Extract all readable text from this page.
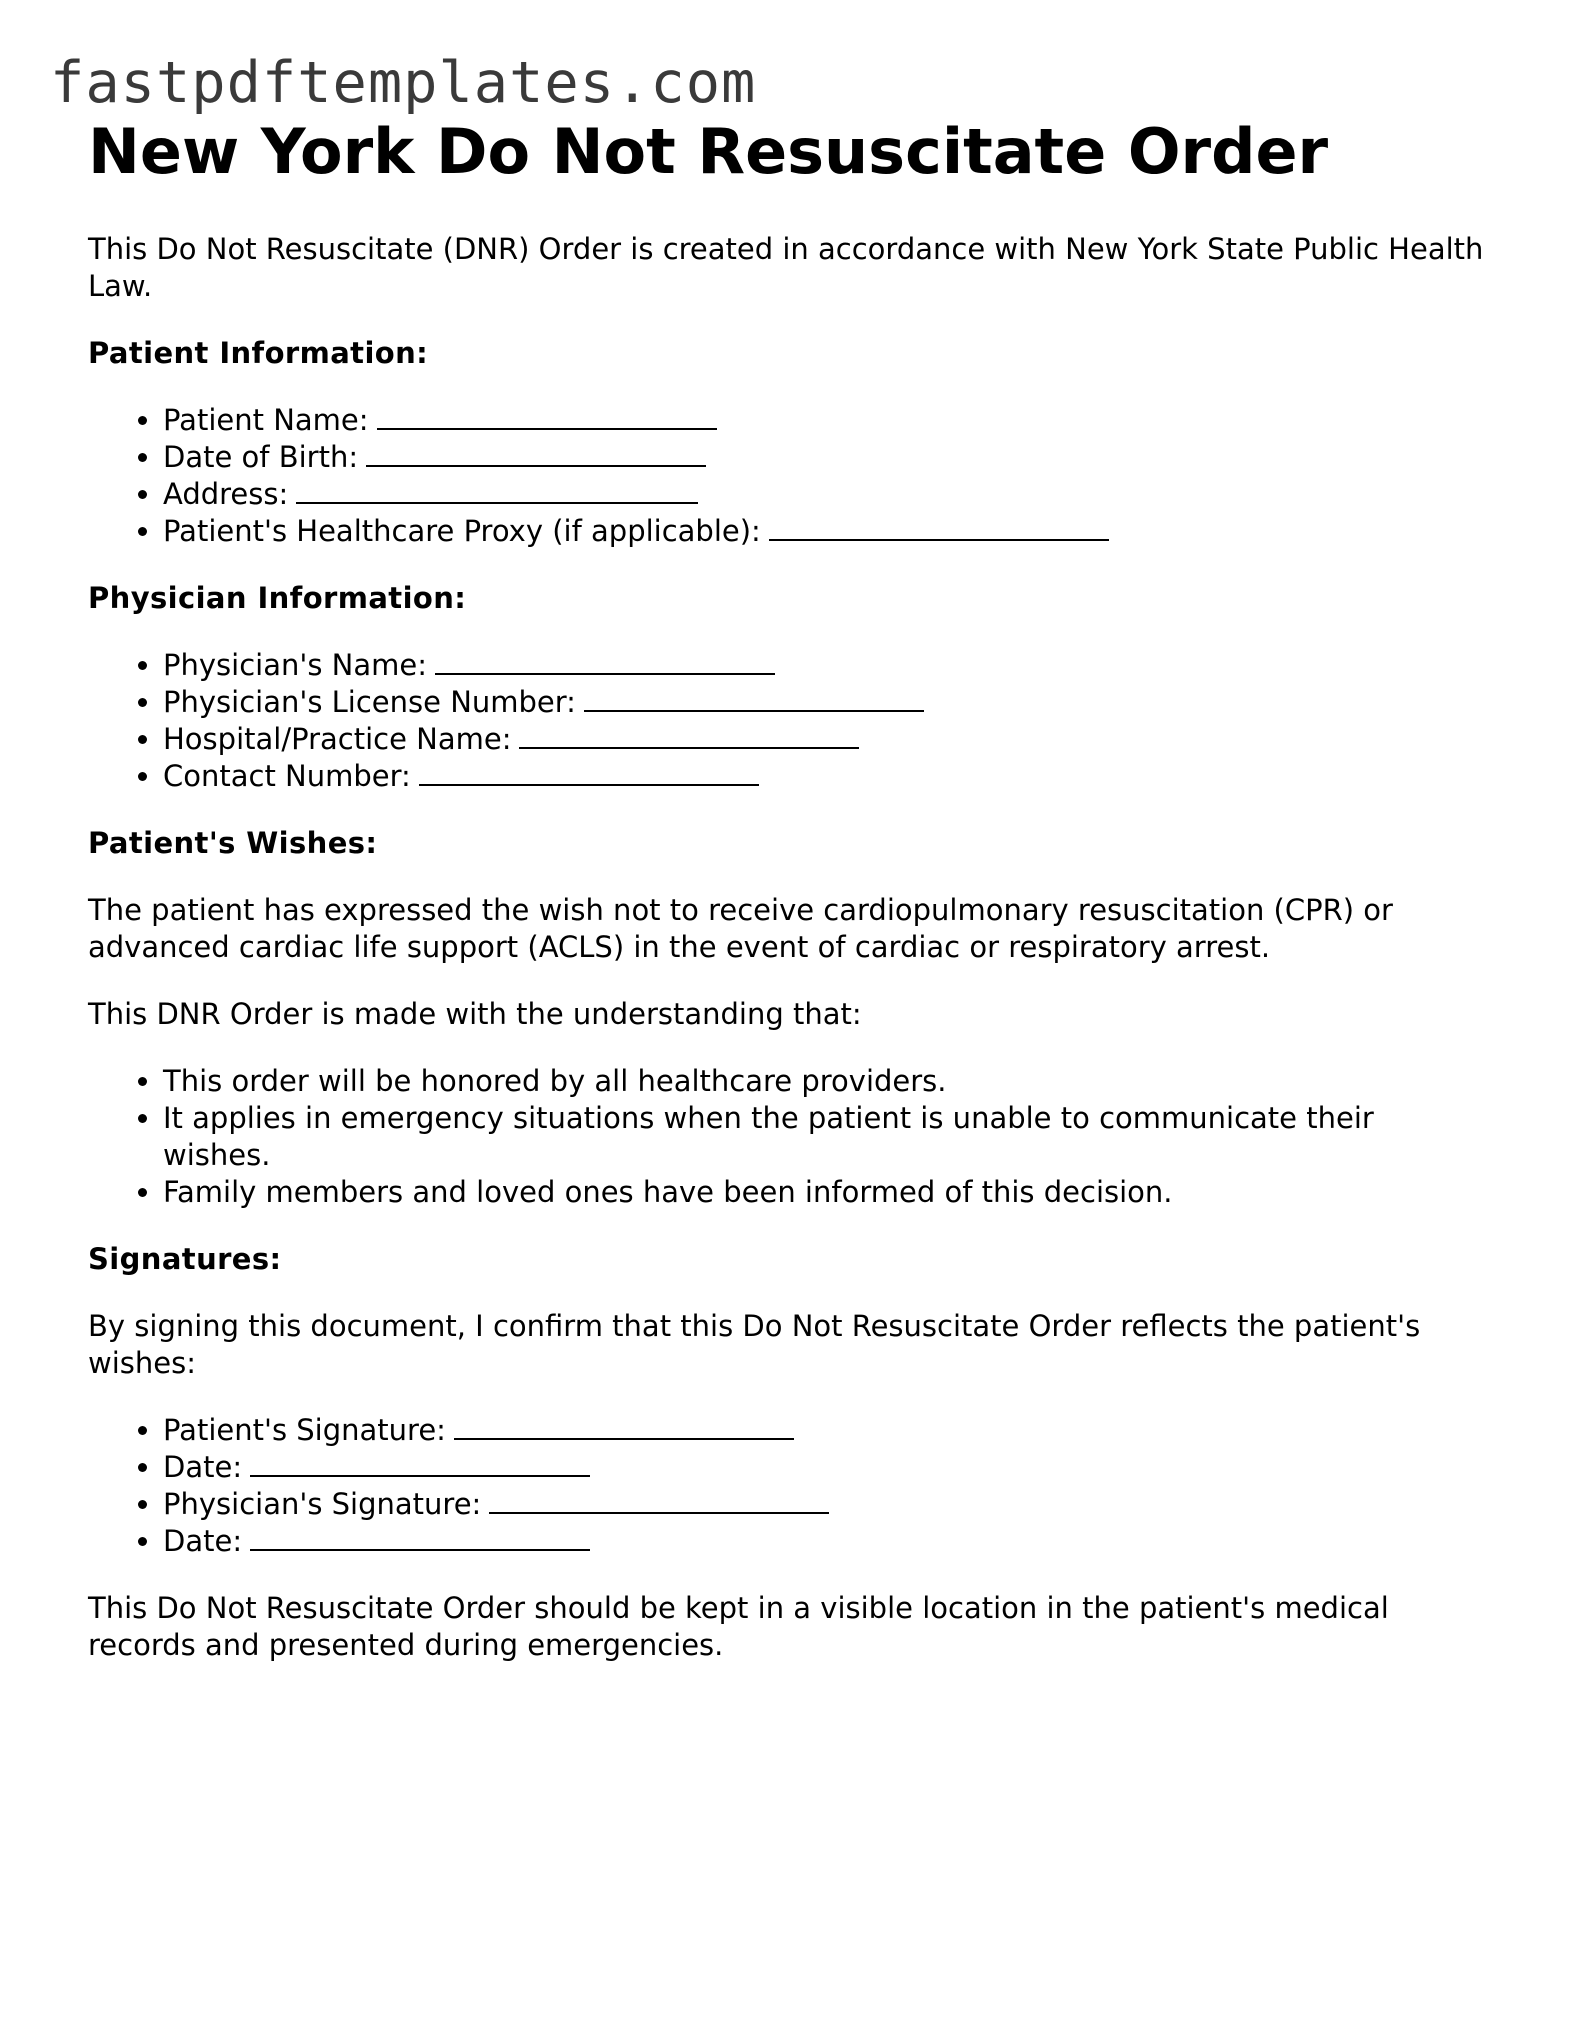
fastpdftemplates.com
New York Do Not Resuscitate Order

This Do Not Resuscitate (DNR) Order is created in accordance with New York State Public Health Law.

Patient Information:
• Patient Name:
• Date of Birth:
• Address:
• Patient's Healthcare Proxy (if applicable):
Physician Information:
• Physician's Name:
• Physician's License Number:
• Hospital/Practice Name:
• Contact Number:
Patient's Wishes:

The patient has expressed the wish not to receive cardiopulmonary resuscitation (CPR) or advanced cardiac life support (ACLS) in the event of cardiac or respiratory arrest.

This DNR Order is made with the understanding that:

• This order will be honored by all healthcare providers.
• It applies in emergency situations when the patient is unable to communicate their wishes.
• Family members and loved ones have been informed of this decision.
Signatures:

By signing this document, I confirm that this Do Not Resuscitate Order reflects the patient's wishes:

• Patient's Signature:
• Date:
• Physician's Signature:
• Date:

This Do Not Resuscitate Order should be kept in a visible location in the patient's medical records and presented during emergencies.
